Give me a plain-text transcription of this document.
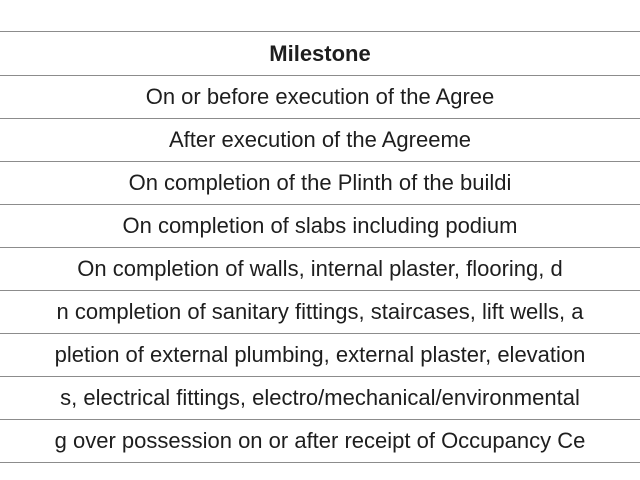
Milestone
On or before execution of the Agree
After execution of the Agreeme
On completion of the Plinth of the buildi
On completion of slabs including podium
On completion of walls, internal plaster, flooring, d
n completion of sanitary fittings, staircases, lift wells, a
pletion of external plumbing, external plaster, elevation
s, electrical fittings, electro/mechanical/environmental
g over possession on or after receipt of Occupancy Ce
